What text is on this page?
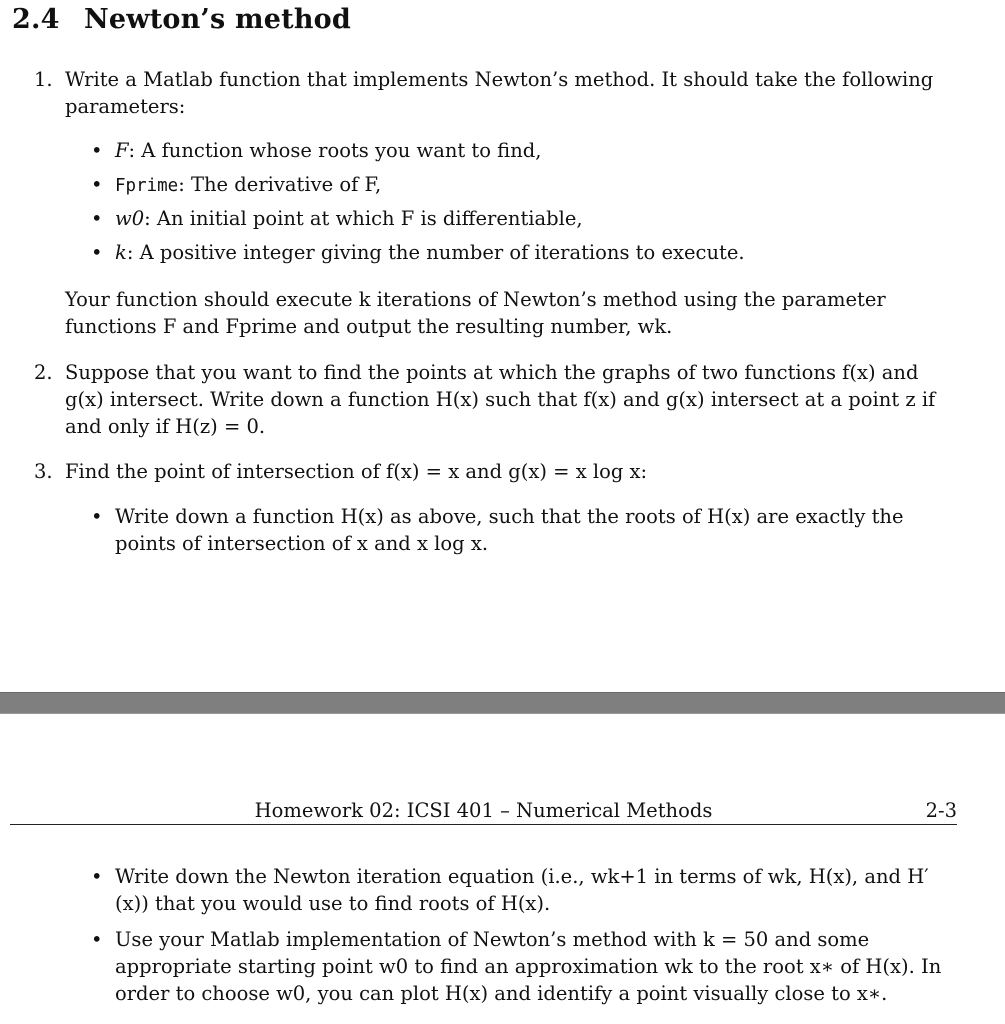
2.4 Newton’s method
1. Write a Matlab function that implements Newton’s method. It should take the following parameters:
• F: A function whose roots you want to find,
• Fprime: The derivative of F,
• w0: An initial point at which F is differentiable,
• k: A positive integer giving the number of iterations to execute.
Your function should execute k iterations of Newton’s method using the parameter functions F and Fprime and output the resulting number, wk.
2. Suppose that you want to find the points at which the graphs of two functions f(x) and g(x) intersect. Write down a function H(x) such that f(x) and g(x) intersect at a point z if and only if H(z) = 0.
3. Find the point of intersection of f(x) = x and g(x) = x log x:
• Write down a function H(x) as above, such that the roots of H(x) are exactly the points of intersection of x and x log x.
Homework 02: ICSI 401 – Numerical Methods	2-3
• Write down the Newton iteration equation (i.e., wk+1 in terms of wk, H(x), and H′(x)) that you would use to find roots of H(x).
• Use your Matlab implementation of Newton’s method with k = 50 and some appropriate starting point w0 to find an approximation wk to the root x∗ of H(x). In order to choose w0, you can plot H(x) and identify a point visually close to x∗.
